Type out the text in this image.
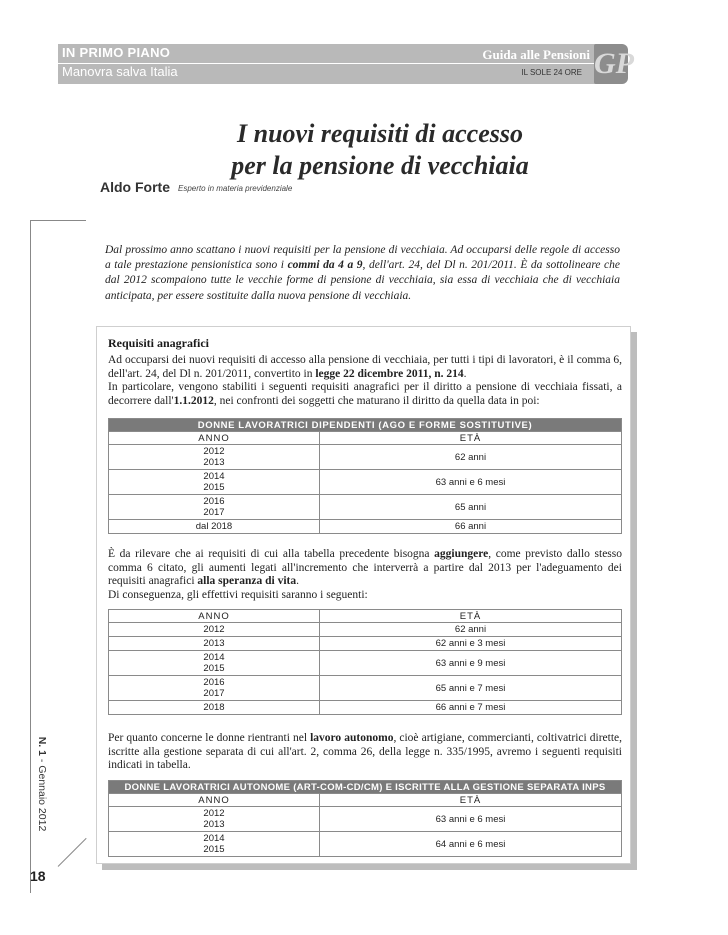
IN PRIMO PIANO
Manovra salva Italia
Guida alle Pensioni
IL SOLE 24 ORE GP
I nuovi requisiti di accesso
per la pensione di vecchiaia
Aldo Forte Esperto in materia previdenziale
N. 1 - Gennaio 2012
18
Dal prossimo anno scattano i nuovi requisiti per la pensione di vecchiaia. Ad occuparsi delle regole di accesso a tale prestazione pensionistica sono i commi da 4 a 9, dell'art. 24, del Dl n. 201/2011. È da sottolineare che dal 2012 scompaiono tutte le vecchie forme di pensione di vecchiaia, sia essa di vecchiaia che di vecchiaia anticipata, per essere sostituite dalla nuova pensione di vecchiaia.
Requisiti anagrafici
Ad occuparsi dei nuovi requisiti di accesso alla pensione di vecchiaia, per tutti i tipi di lavoratori, è il comma 6, dell'art. 24, del Dl n. 201/2011, convertito in legge 22 dicembre 2011, n. 214.
In particolare, vengono stabiliti i seguenti requisiti anagrafici per il diritto a pensione di vecchiaia fissati, a decorrere dall'1.1.2012, nei confronti dei soggetti che maturano il diritto da quella data in poi:
DONNE LAVORATRICI DIPENDENTI (AGO E FORME SOSTITUTIVE)	
ANNO	ETÀ

2012
2013	62 anni

2014
2015	63 anni e 6 mesi

2016
2017	65 anni

dal 2018	66 anni
È da rilevare che ai requisiti di cui alla tabella precedente bisogna aggiungere, come previsto dallo stesso comma 6 citato, gli aumenti legati all'incremento che interverrà a partire dal 2013 per l'adeguamento dei requisiti anagrafici alla speranza di vita.
Di conseguenza, gli effettivi requisiti saranno i seguenti:
ANNO	ETÀ

2012	62 anni

2013	62 anni e 3 mesi

2014
2015	63 anni e 9 mesi

2016
2017	65 anni e 7 mesi

2018	66 anni e 7 mesi
Per quanto concerne le donne rientranti nel lavoro autonomo, cioè artigiane, commercianti, coltivatrici dirette, iscritte alla gestione separata di cui all'art. 2, comma 26, della legge n. 335/1995, avremo i seguenti requisiti indicati in tabella.
DONNE LAVORATRICI AUTONOME (ART-COM-CD/CM) E ISCRITTE ALLA GESTIONE SEPARATA INPS	
ANNO	ETÀ

2012
2013	63 anni e 6 mesi

2014
2015	64 anni e 6 mesi
